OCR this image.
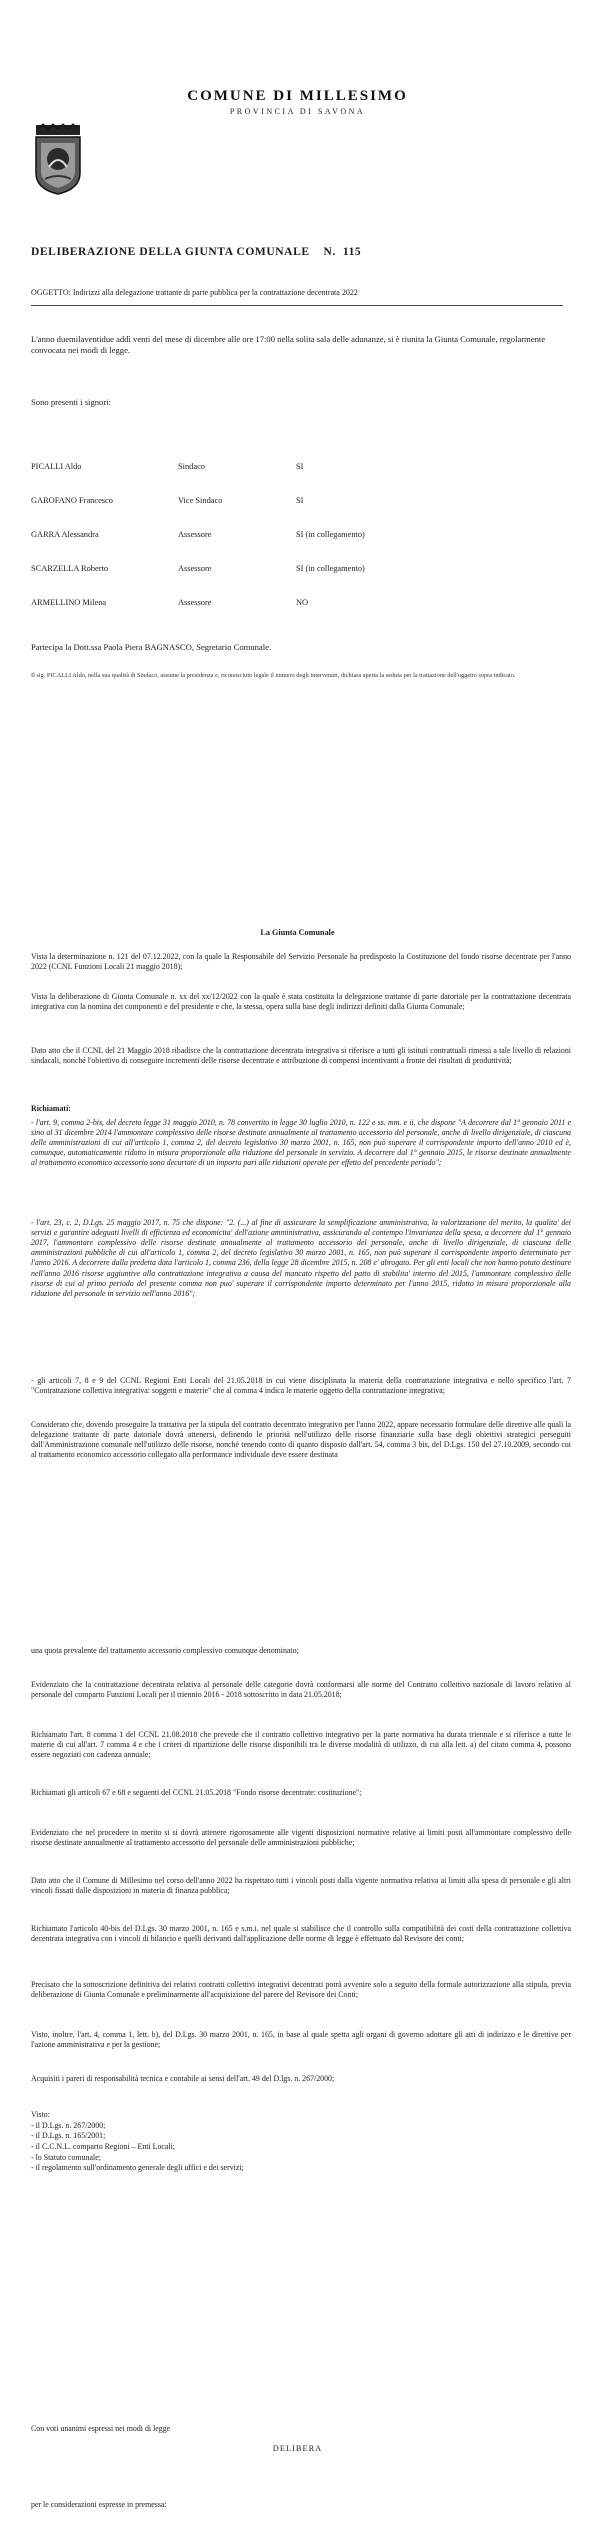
COMUNE DI MILLESIMO
PROVINCIA DI SAVONA
DELIBERAZIONE DELLA GIUNTA COMUNALE    N.  115
OGGETTO: Indirizzi alla delegazione trattante di parte pubblica per la contrattazione decentrata 2022
L'anno duemilaventidue addì venti del mese di dicembre alle ore 17:00 nella solita sala delle adunanze, si è riunita la Giunta Comunale, regolarmente convocata nei modi di legge.
Sono presenti i signori:
PICALLI Aldo	Sindaco	SI
GAROFANO Francesco	Vice Sindaco	SI
GARRA Alessandra	Assessore	SI (in collegamento)
SCARZELLA Roberto	Assessore	SI (in collegamento)
ARMELLINO Milena	Assessore	NO
Partecipa la Dott.ssa Paola Piera BAGNASCO, Segretario Comunale.
Il sig. PICALLI Aldo, nella sua qualità di Sindaco, assume la presidenza e, riconosciuto legale il numero degli intervenuti, dichiara aperta la seduta per la trattazione dell'oggetto sopra indicato.
La Giunta Comunale
Vista la determinazione n. 121 del 07.12.2022, con la quale la Responsabile del Servizio Personale ha predisposto la Costituzione del fondo risorse decentrate per l'anno 2022 (CCNL Funzioni Locali 21 maggio 2018);
Vista la deliberazione di Giunta Comunale n. xx del xx/12/2022 con la quale è stata costituita la delegazione trattante di parte datoriale per la contrattazione decentrata integrativa con la nomina dei componenti e del presidente e che, la stessa, opera sulla base degli indirizzi definiti dalla Giunta Comunale;
Dato atto che il CCNL del 21 Maggio 2018 ribadisce che la contrattazione decentrata integrativa si riferisce a tutti gli istituti contrattuali rimessi a tale livello di relazioni sindacali, nonché l'obiettivo di conseguire incrementi delle risorse decentrate e attribuzione di compensi incentivanti a fronte dei risultati di produttività;
Richiamati:
- l'art. 9, comma 2-bis, del decreto legge 31 maggio 2010, n. 78 convertito in legge 30 luglio 2010, n. 122 e ss. mm. e ii. che dispone "A decorrere dal 1° gennaio 2011 e sino al 31 dicembre 2014 l'ammontare complessivo delle risorse destinate annualmente al trattamento accessorio del personale, anche di livello dirigenziale, di ciascuna delle amministrazioni di cui all'articolo 1, comma 2, del decreto legislativo 30 marzo 2001, n. 165, non può superare il corrispondente importo dell'anno 2010 ed è, comunque, automaticamente ridotto in misura proporzionale alla riduzione del personale in servizio. A decorrere dal 1° gennaio 2015, le risorse destinate annualmente al trattamento economico accessorio sono decurtate di un importo pari alle riduzioni operate per effetto del precedente periodo";
- l'art. 23, c. 2, D.Lgs. 25 maggio 2017, n. 75 che dispone: "2. (...) al fine di assicurare la semplificazione amministrativa, la valorizzazione del merito, la qualita' dei servizi e garantire adeguati livelli di efficienza ed economicita' dell'azione amministrativa, assicurando al contempo l'invarianza della spesa, a decorrere dal 1° gennaio 2017, l'ammontare complessivo delle risorse destinate annualmente al trattamento accessorio del personale, anche di livello dirigenziale, di ciascuna delle amministrazioni pubbliche di cui all'articolo 1, comma 2, del decreto legislativo 30 marzo 2001, n. 165, non può superare il corrispondente importo determinato per l'anno 2016. A decorrere dalla predetta data l'articolo 1, comma 236, della legge 28 dicembre 2015, n. 208 e' abrogato. Per gli enti locali che non hanno potuto destinare nell'anno 2016 risorse aggiuntive alla contrattazione integrativa a causa del mancato rispetto del patto di stabilita' interno del 2015, l'ammontare complessivo delle risorse di cui al primo periodo del presente comma non puo' superare il corrispondente importo determinato per l'anno 2015, ridotto in misura proporzionale alla riduzione del personale in servizio nell'anno 2016";
- gli articoli 7, 8 e 9 del CCNL Regioni Enti Locali del 21.05.2018 in cui viene disciplinata la materia della contrattazione integrativa e nello specifico l'art. 7 "Contrattazione collettiva integrativa: soggetti e materie" che al comma 4 indica le materie oggetto della contrattazione integrativa;
Considerato che, dovendo proseguire la trattativa per la stipula del contratto decentrato integrativo per l'anno 2022, appare necessario formulare delle direttive alle quali la delegazione trattante di parte datoriale dovrà attenersi, definendo le priorità nell'utilizzo delle risorse finanziarie sulla base degli obiettivi strategici perseguiti dall'Amministrazione comunale nell'utilizzo delle risorse, nonché tenendo conto di quanto disposto dall'art. 54, comma 3 bis, del D.Lgs. 150 del 27.10.2009, secondo cui al trattamento economico accessorio collegato alla performance individuale deve essere destinata
una quota prevalente del trattamento accessorio complessivo comunque denominato;
Evidenziato che la contrattazione decentrata relativa al personale delle categorie dovrà conformarsi alle norme del Contratto collettivo nazionale di lavoro relativo al personale del comparto Funzioni Locali per il triennio 2016 - 2018 sottoscritto in data 21.05.2018;
Richiamato l'art. 8 comma 1 del CCNL 21.08.2018 che prevede che il contratto collettivo integrativo per la parte normativa ha durata triennale e si riferisce a tutte le materie di cui all'art. 7 comma 4 e che i criteri di ripartizione delle risorse disponibili tra le diverse modalità di utilizzo, di cui alla lett. a) del citato comma 4, possono essere negoziati con cadenza annuale;
Richiamati gli articoli 67 e 68 e seguenti del CCNL 21.05.2018 "Fondo risorse decentrate: costituzione";
Evidenziato che nel procedere in merito si si dovrà attenere rigorosamente alle vigenti disposizioni normative relative ai limiti posti all'ammontare complessivo delle risorse destinate annualmente al trattamento accessorio del personale delle amministrazioni pubbliche;
Dato atto che il Comune di Millesimo nel corso dell'anno 2022 ha rispettato tutti i vincoli posti dalla vigente normativa relativa ai limiti alla spesa di personale e gli altri vincoli fissati dalle disposizioni in materia di finanza pubblica;
Richiamato l'articolo 40-bis del D.Lgs. 30 marzo 2001, n. 165 e s.m.i. nel quale si stabilisce che il controllo sulla compatibilità dei costi della contrattazione collettiva decentrata integrativa con i vincoli di bilancio e quelli derivanti dall'applicazione delle norme di legge è effettuato dal Revisore dei conti;
Precisato che la sottoscrizione definitiva dei relativi contratti collettivi integrativi decentrati potrà avvenire solo a seguito della formale autorizzazione alla stipula, previa deliberazione di Giunta Comunale e preliminarmente all'acquisizione del parere del Revisore dei Conti;
Visto, inoltre, l'art. 4, comma 1, lett. b), del D.Lgs. 30 marzo 2001, n. 165, in base al quale spetta agli organi di governo adottare gli atti di indirizzo e le direttive per l'azione amministrativa e per la gestione;
Acquisiti i pareri di responsabilità tecnica e contabile ai sensi dell'art. 49 del D.lgs. n. 267/2000;
Visto:
- il D.Lgs. n. 267/2000;
- il D.Lgs. n. 165/2001;
- il C.C.N.L. comparto Regioni – Enti Locali;
- lo Statuto comunale;
- il regolamento sull'ordinamento generale degli uffici e dei servizi;
Con voti unanimi espressi nei modi di legge
DELIBERA
per le considerazioni espresse in premessa:
